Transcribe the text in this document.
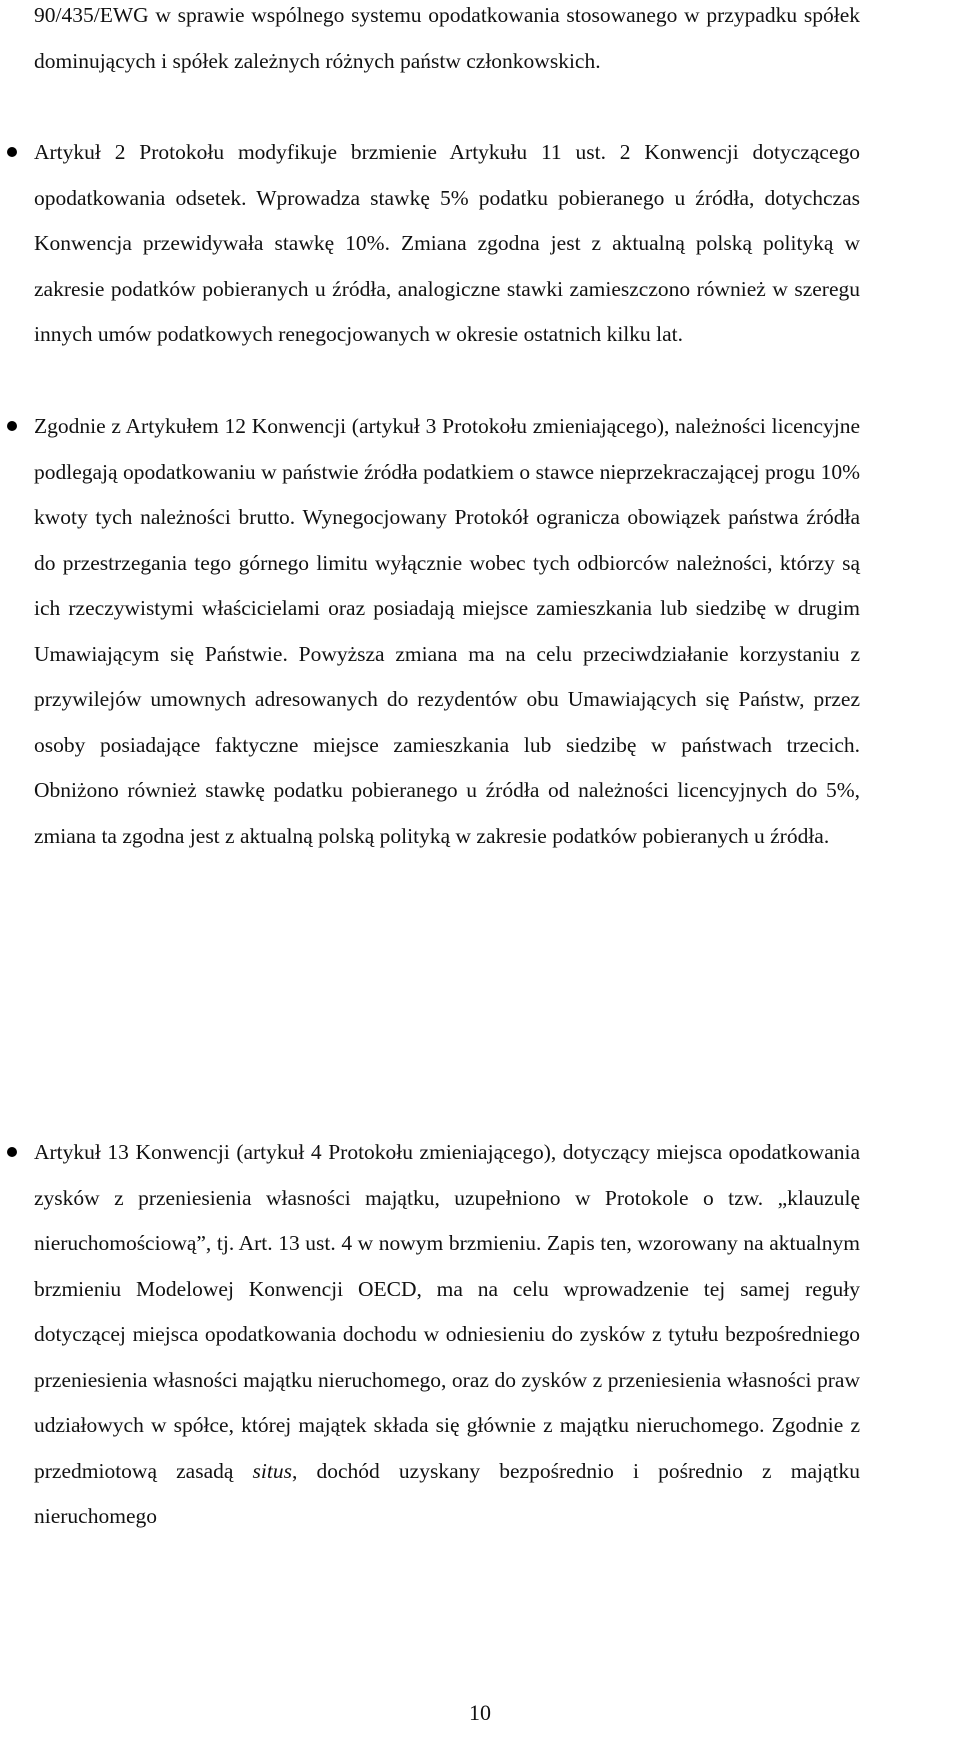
90/435/EWG w sprawie wspólnego systemu opodatkowania stosowanego w przypadku spółek dominujących i spółek zależnych różnych państw członkowskich.

Artykuł 2 Protokołu modyfikuje brzmienie Artykułu 11 ust. 2 Konwencji dotyczącego opodatkowania odsetek. Wprowadza stawkę 5% podatku pobieranego u źródła, dotychczas Konwencja przewidywała stawkę 10%. Zmiana zgodna jest z aktualną polską polityką w zakresie podatków pobieranych u źródła, analogiczne stawki zamieszczono również w szeregu innych umów podatkowych renegocjowanych w okresie ostatnich kilku lat.
Zgodnie z Artykułem 12 Konwencji (artykuł 3 Protokołu zmieniającego), należności licencyjne podlegają opodatkowaniu w państwie źródła podatkiem o stawce nieprzekraczającej progu 10% kwoty tych należności brutto. Wynegocjowany Protokół ogranicza obowiązek państwa źródła do przestrzegania tego górnego limitu wyłącznie wobec tych odbiorców należności, którzy są ich rzeczywistymi właścicielami oraz posiadają miejsce zamieszkania lub siedzibę w drugim Umawiającym się Państwie. Powyższa zmiana ma na celu przeciwdziałanie korzystaniu z przywilejów umownych adresowanych do rezydentów obu Umawiających się Państw, przez osoby posiadające faktyczne miejsce zamieszkania lub siedzibę w państwach trzecich. Obniżono również stawkę podatku pobieranego u źródła od należności licencyjnych do 5%, zmiana ta zgodna jest z aktualną polską polityką w zakresie podatków pobieranych u źródła.
Artykuł 13 Konwencji (artykuł 4 Protokołu zmieniającego), dotyczący miejsca opodatkowania zysków z przeniesienia własności majątku, uzupełniono w Protokole o tzw. „klauzulę nieruchomościową”, tj. Art. 13 ust. 4 w nowym brzmieniu. Zapis ten, wzorowany na aktualnym brzmieniu Modelowej Konwencji OECD, ma na celu wprowadzenie tej samej reguły dotyczącej miejsca opodatkowania dochodu w odniesieniu do zysków z tytułu bezpośredniego przeniesienia własności majątku nieruchomego, oraz do zysków z przeniesienia własności praw udziałowych w spółce, której majątek składa się głównie z majątku nieruchomego. Zgodnie z przedmiotową zasadą situs, dochód uzyskany bezpośrednio i pośrednio z majątku nieruchomego
10
